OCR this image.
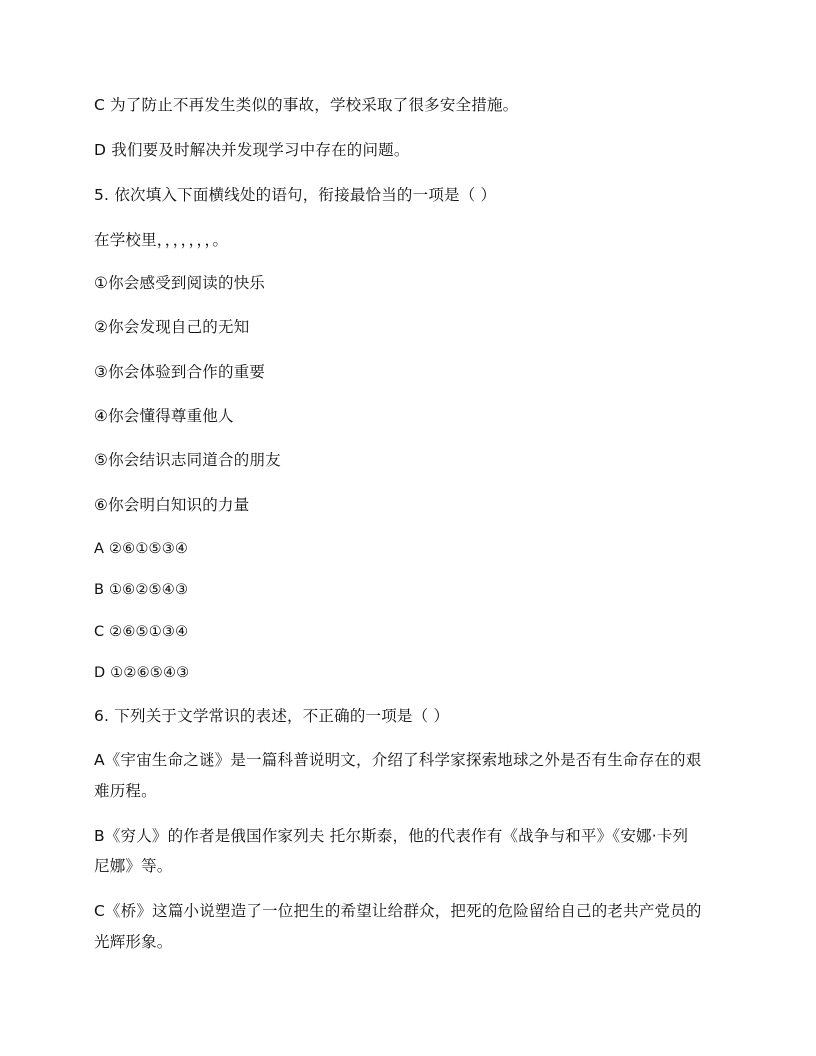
C 为了防止不再发生类似的事故，学校采取了很多安全措施。
D 我们要及时解决并发现学习中存在的问题。
5. 依次填入下面横线处的语句，衔接最恰当的一项是（ ）
在学校里，，，，，，，。
①你会感受到阅读的快乐
②你会发现自己的无知
③你会体验到合作的重要
④你会懂得尊重他人
⑤你会结识志同道合的朋友
⑥你会明白知识的力量
A ②⑥①⑤③④
B ①⑥②⑤④③
C ②⑥⑤①③④
D ①②⑥⑤④③
6. 下列关于文学常识的表述，不正确的一项是（ ）
A《宇宙生命之谜》是一篇科普说明文，介绍了科学家探索地球之外是否有生命存在的艰
难历程。
B《穷人》的作者是俄国作家列夫 托尔斯泰，他的代表作有《战争与和平》《安娜·卡列
尼娜》等。
C《桥》这篇小说塑造了一位把生的希望让给群众，把死的危险留给自己的老共产党员的
光辉形象。
